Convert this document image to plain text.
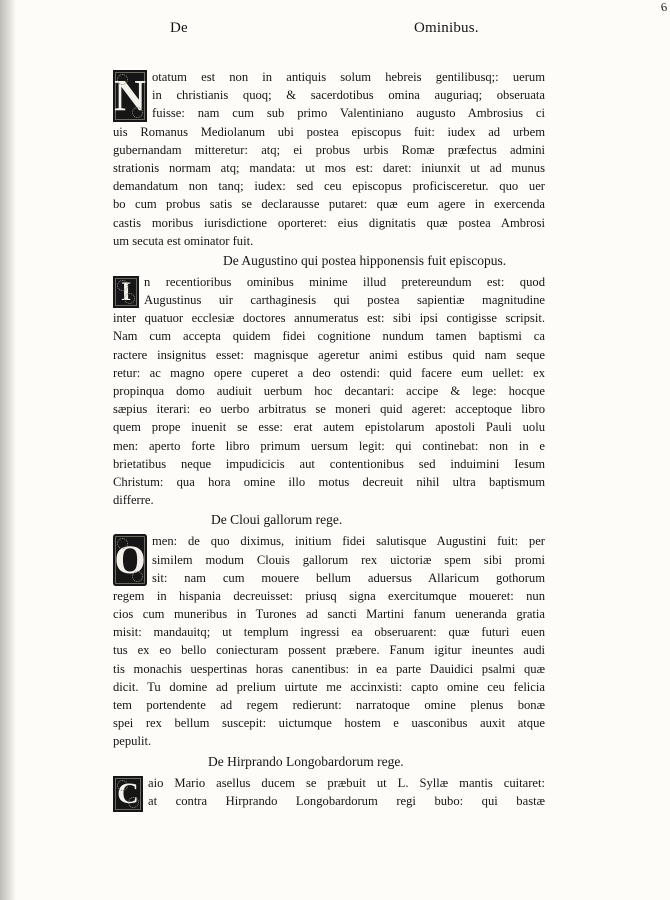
De	Ominibus.
6
N otatum est non in antiquis solum hebreis gentilibusq;: uerum
in christianis quoq; & sacerdotibus omina auguriaq; obseruata
fuisse: nam cum sub primo Valentiniano augusto Ambrosius ci
uis Romanus Mediolanum ubi postea episcopus fuit: iudex ad urbem
gubernandam mitteretur: atq; ei probus urbis Romæ præfectus admini
strationis normam atq; mandata: ut mos est: daret: iniunxit ut ad munus
demandatum non tanq; iudex: sed ceu episcopus proficisceretur. quo uer
bo cum probus satis se declarausse putaret: quæ eum agere in exercenda
castis moribus iurisdictione oporteret: eius dignitatis quæ postea Ambrosi
um secuta est ominator fuit.
De Augustino qui postea hipponensis fuit episcopus.
I	n recentioribus ominibus minime illud pretereundum est: quod
Augustinus uir carthaginesis qui postea sapientiæ magnitudine
inter quatuor ecclesiæ doctores annumeratus est: sibi ipsi contigisse scripsit.
Nam cum accepta quidem fidei cognitione nundum tamen baptismi ca
ractere insignitus esset: magnisque ageretur animi estibus quid nam seque
retur: ac magno opere cuperet a deo ostendi: quid facere eum uellet: ex
propinqua domo audiuit uerbum hoc decantari: accipe & lege: hocque
sæpius iterari: eo uerbo arbitratus se moneri quid ageret: acceptoque libro
quem prope inuenit se esse: erat autem epistolarum apostoli Pauli uolu
men: aperto forte libro primum uersum legit: qui continebat: non in e
brietatibus neque impudicicis aut contentionibus sed induimini Iesum
Christum: qua hora omine illo motus decreuit nihil ultra baptismum
differre.
De Cloui gallorum rege.
O men: de quo diximus, initium fidei salutisque Augustini fuit: per
similem modum Clouis gallorum rex uictoriæ spem sibi promi
sit: nam cum mouere bellum aduersus Allaricum gothorum
regem in hispania decreuisset: priusq signa exercitumque moueret: nun
cios cum muneribus in Turones ad sancti Martini fanum ueneranda gratia
misit: mandauitq; ut templum ingressi ea obseruarent: quæ futuri euen
tus ex eo bello coniecturam possent præbere. Fanum igitur ineuntes audi
tis monachis uespertinas horas canentibus: in ea parte Dauidici psalmi quæ
dicit. Tu domine ad prelium uirtute me accinxisti: capto omine ceu felicia
tem portendente ad regem redierunt: narratoque omine plenus bonæ
spei rex bellum suscepit: uictumque hostem e uasconibus auxit atque
pepulit.
De Hirprando Longobardorum rege.
C aio Mario asellus ducem se præbuit ut L. Syllæ mantis cuitaret:
at contra Hirprando Longobardorum regi bubo: qui bastæ
